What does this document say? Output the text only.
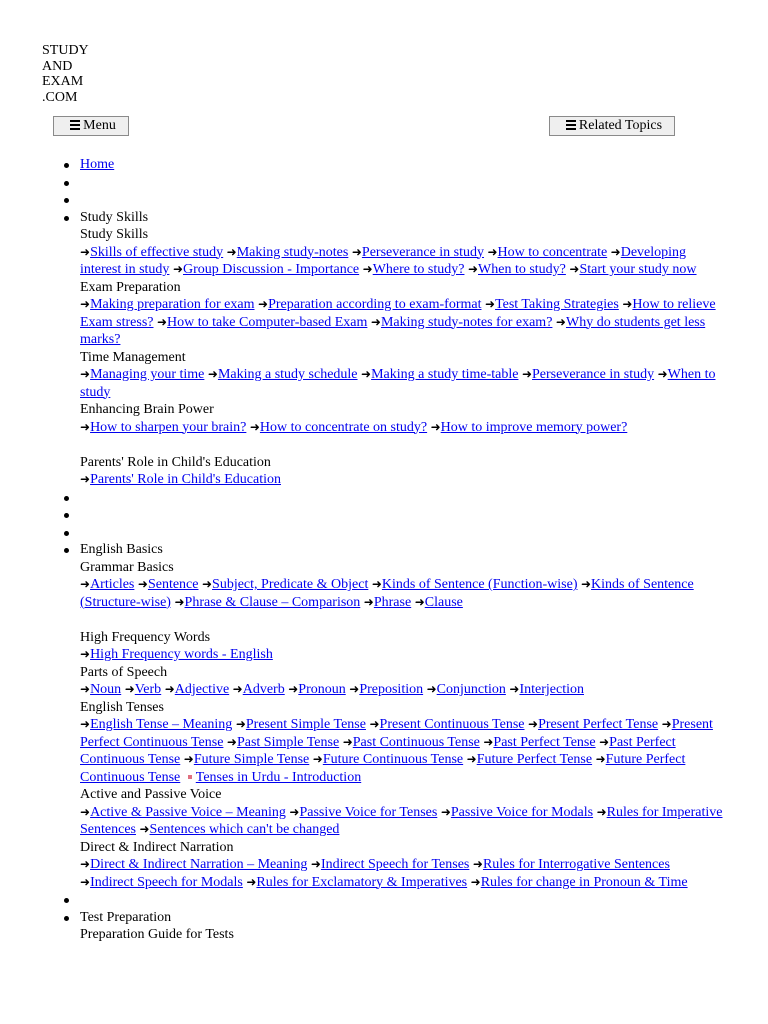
STUDY
AND
EXAM
.COM
Menu	Related Topics
Home
Study Skills
Study Skills
➜Skills of effective study ➜Making study-notes ➜Perseverance in study ➜How to concentrate ➜Developing interest in study ➜Group Discussion - Importance ➜Where to study? ➜When to study? ➜Start your study now
Exam Preparation
➜Making preparation for exam ➜Preparation according to exam-format ➜Test Taking Strategies ➜How to relieve Exam stress? ➜How to take Computer-based Exam ➜Making study-notes for exam? ➜Why do students get less marks?
Time Management
➜Managing your time ➜Making a study schedule ➜Making a study time-table ➜Perseverance in study ➜When to study
Enhancing Brain Power
➜How to sharpen your brain? ➜How to concentrate on study? ➜How to improve memory power?
Parents' Role in Child's Education
➜Parents' Role in Child's Education
English Basics
Grammar Basics
➜Articles ➜Sentence ➜Subject, Predicate & Object ➜Kinds of Sentence (Function-wise) ➜Kinds of Sentence (Structure-wise) ➜Phrase & Clause – Comparison ➜Phrase ➜Clause
High Frequency Words
➜High Frequency words - English
Parts of Speech
➜Noun ➜Verb ➜Adjective ➜Adverb ➜Pronoun ➜Preposition ➜Conjunction ➜Interjection
English Tenses
➜English Tense – Meaning ➜Present Simple Tense ➜Present Continuous Tense ➜Present Perfect Tense ➜Present Perfect Continuous Tense ➜Past Simple Tense ➜Past Continuous Tense ➜Past Perfect Tense ➜Past Perfect Continuous Tense ➜Future Simple Tense ➜Future Continuous Tense ➜Future Perfect Tense ➜Future Perfect Continuous Tense Tenses in Urdu - Introduction
Active and Passive Voice
➜Active & Passive Voice – Meaning ➜Passive Voice for Tenses ➜Passive Voice for Modals ➜Rules for Imperative Sentences ➜Sentences which can't be changed
Direct & Indirect Narration
➜Direct & Indirect Narration – Meaning ➜Indirect Speech for Tenses ➜Rules for Interrogative Sentences ➜Indirect Speech for Modals ➜Rules for Exclamatory & Imperatives ➜Rules for change in Pronoun & Time
Test Preparation
Preparation Guide for Tests
